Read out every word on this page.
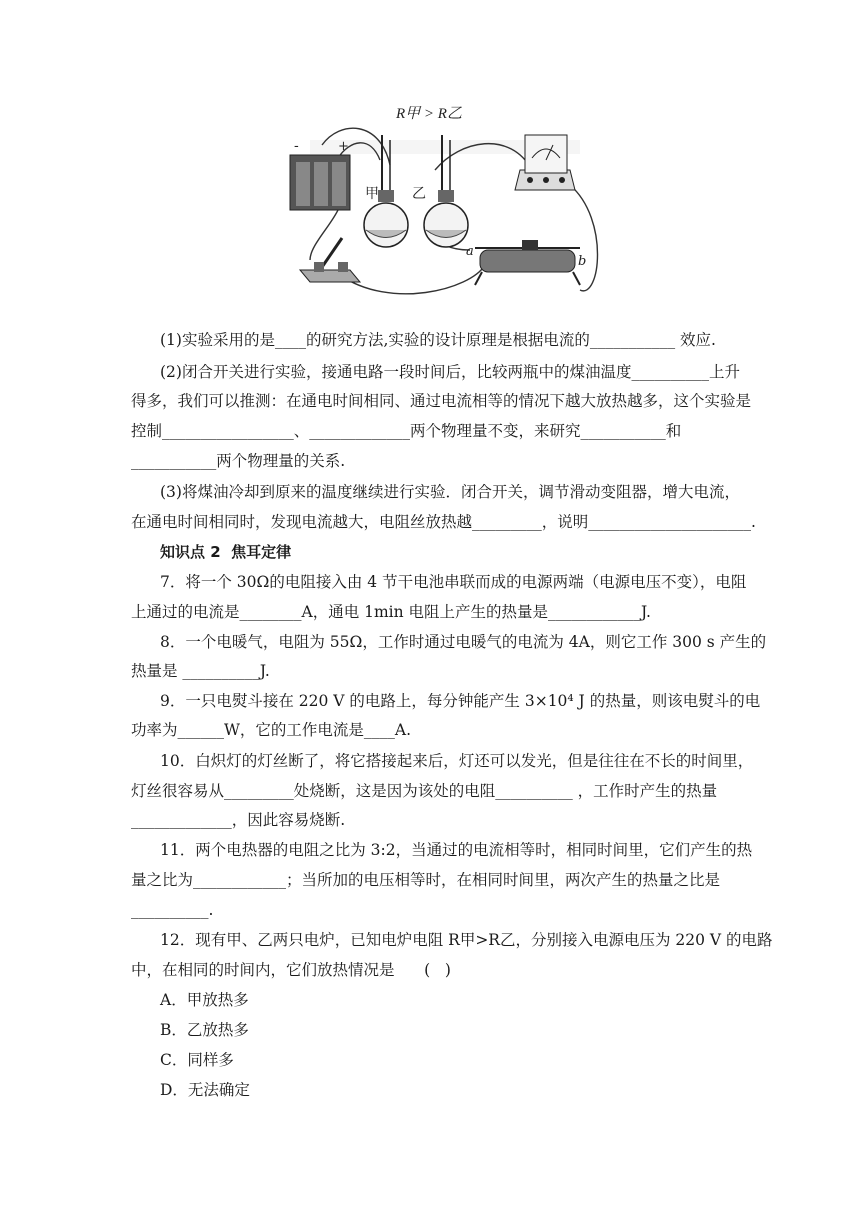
R甲 > R乙
-	+
甲 乙
a
b
(1)实验采用的是____的研究方法,实验的设计原理是根据电流的___________ 效应.
(2)闭合开关进行实验，接通电路一段时间后，比较两瓶中的煤油温度__________上升
得多，我们可以推测：在通电时间相同、通过电流相等的情况下越大放热越多，这个实验是
控制_________________、_____________两个物理量不变，来研究___________和
___________两个物理量的关系.
(3)将煤油冷却到原来的温度继续进行实验．闭合开关，调节滑动变阻器，增大电流，
在通电时间相同时，发现电流越大，电阻丝放热越_________，说明_____________________.
知识点 2  焦耳定律
7．将一个 30Ω的电阻接入由 4 节干电池串联而成的电源两端（电源电压不变），电阻
上通过的电流是________A，通电 1min 电阻上产生的热量是____________J.
8．一个电暖气，电阻为 55Ω，工作时通过电暖气的电流为 4A，则它工作 300 s 产生的
热量是 __________J.
9．一只电熨斗接在 220 V 的电路上，每分钟能产生 3×10⁴ J 的热量，则该电熨斗的电
功率为______W，它的工作电流是____A.
10．白炽灯的灯丝断了，将它搭接起来后，灯还可以发光，但是往往在不长的时间里，
灯丝很容易从_________处烧断，这是因为该处的电阻__________ ，工作时产生的热量
_____________，因此容易烧断.
11．两个电热器的电阻之比为 3:2，当通过的电流相等时，相同时间里，它们产生的热
量之比为____________；当所加的电压相等时，在相同时间里，两次产生的热量之比是
__________.
12．现有甲、乙两只电炉，已知电炉电阻 R甲>R乙，分别接入电源电压为 220 V 的电路
中，在相同的时间内，它们放热情况是      (   )
A．甲放热多
B．乙放热多
C．同样多
D．无法确定
